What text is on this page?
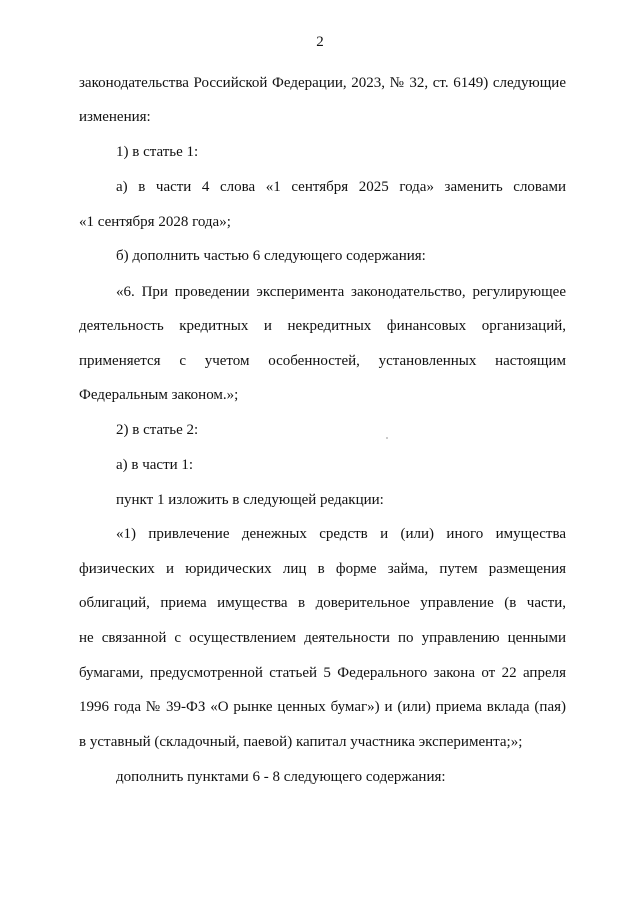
2
законодательства Российской Федерации, 2023, № 32, ст. 6149) следующие
изменения:
1) в статье 1:
а) в части 4 слова «1 сентября 2025 года» заменить словами
«1 сентября 2028 года»;
б) дополнить частью 6 следующего содержания:
«6. При проведении эксперимента законодательство, регулирующее
деятельность кредитных и некредитных финансовых организаций,
применяется с учетом особенностей, установленных настоящим
Федеральным законом.»;
2) в статье 2:
а) в части 1:
пункт 1 изложить в следующей редакции:
«1) привлечение денежных средств и (или) иного имущества
физических и юридических лиц в форме займа, путем размещения
облигаций, приема имущества в доверительное управление (в части,
не связанной с осуществлением деятельности по управлению ценными
бумагами, предусмотренной статьей 5 Федерального закона от 22 апреля
1996 года № 39-ФЗ «О рынке ценных бумаг») и (или) приема вклада (пая)
в уставный (складочный, паевой) капитал участника эксперимента;»;
дополнить пунктами 6 - 8 следующего содержания:
